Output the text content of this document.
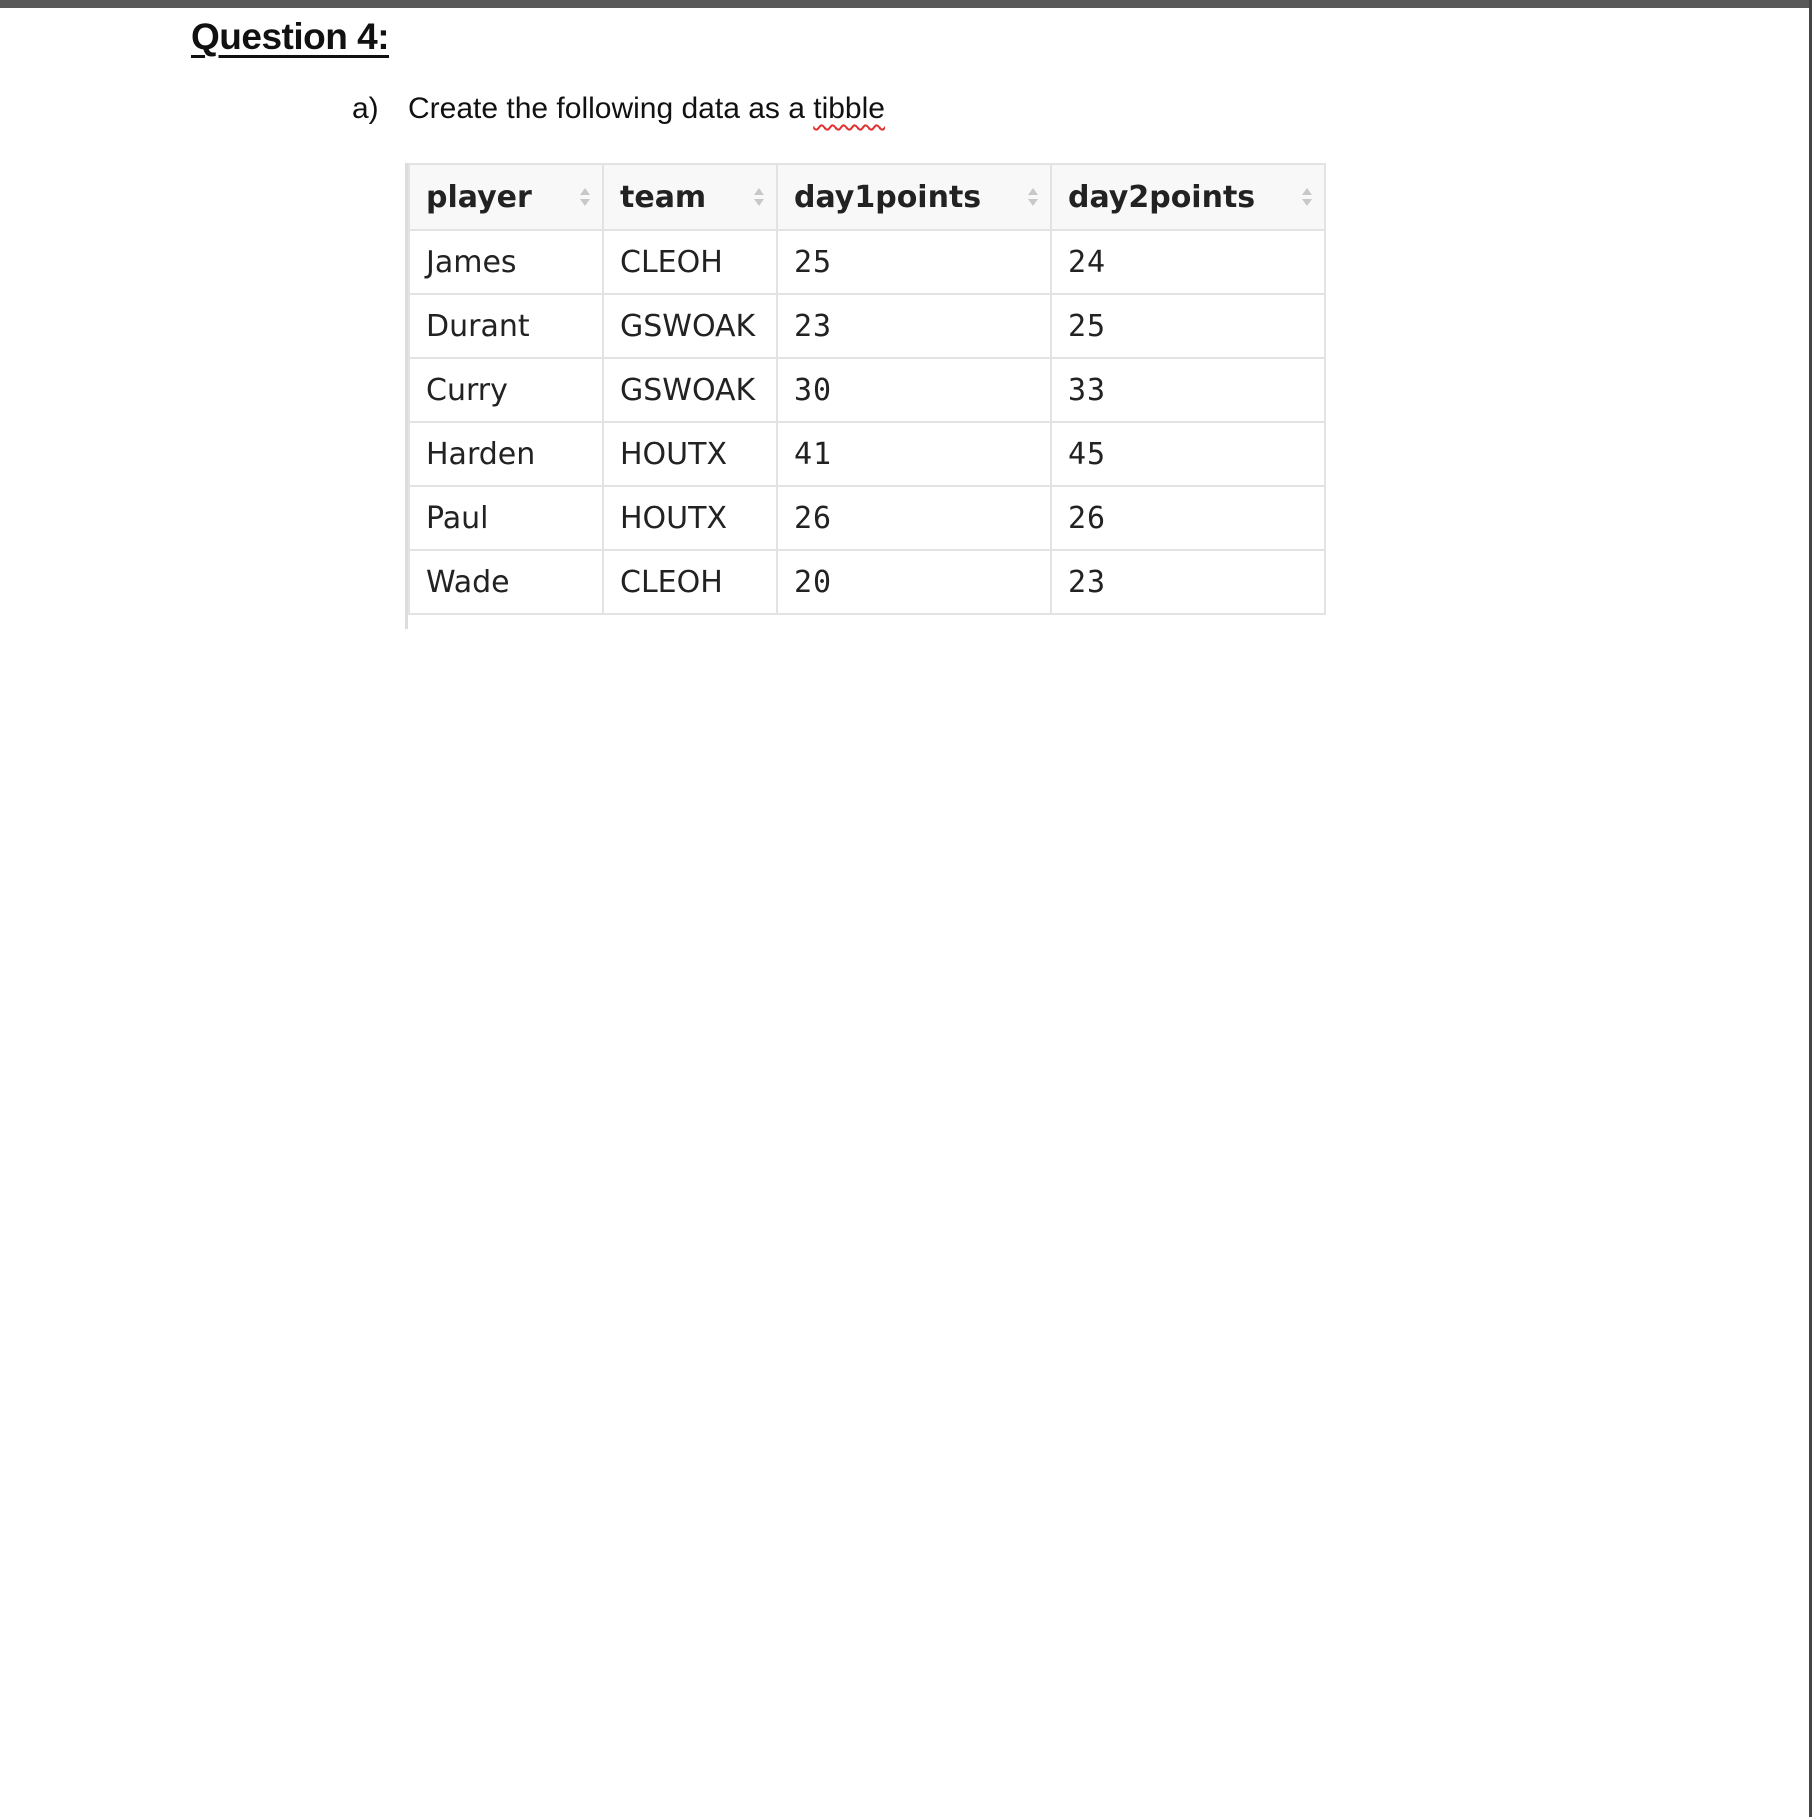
Question 4:
a) Create the following data as a tibble
player	team	day1points	day2points

James	CLEOH	25	24
Durant	GSWOAK	23	25
Curry	GSWOAK	30	33
Harden	HOUTX	41	45
Paul	HOUTX	26	26
Wade	CLEOH	20	23
